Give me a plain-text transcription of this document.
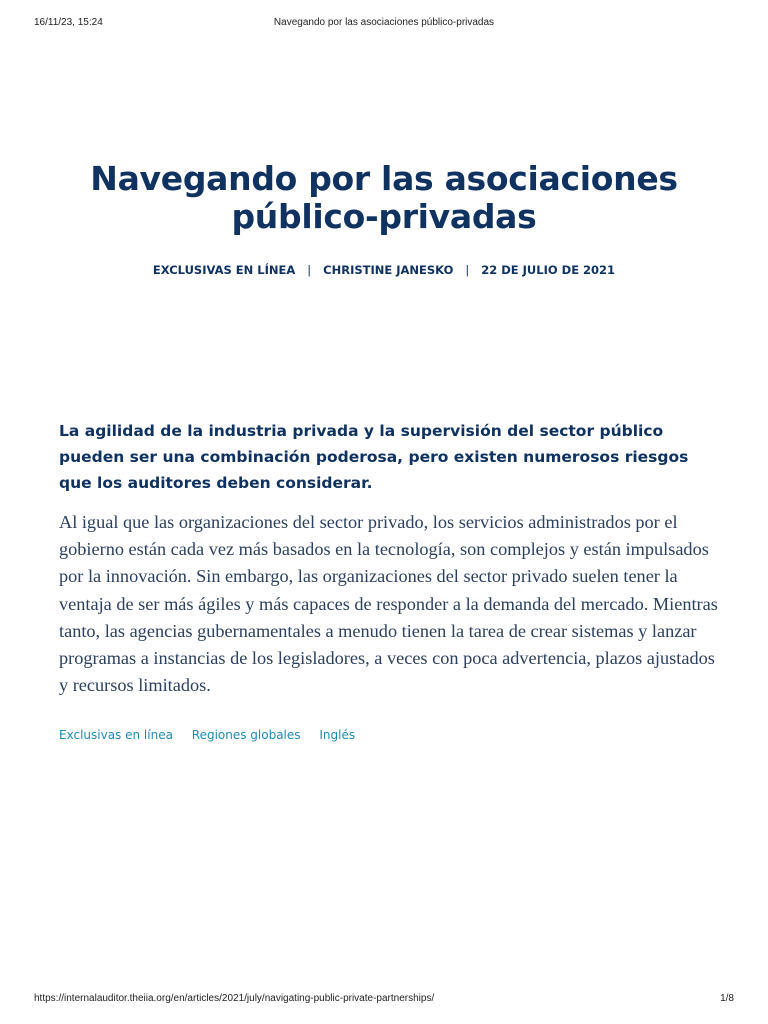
16/11/23, 15:24	Navegando por las asociaciones público-privadas
Navegando por las asociaciones público-privadas
EXCLUSIVAS EN LÍNEA | CHRISTINE JANESKO | 22 DE JULIO DE 2021

La agilidad de la industria privada y la supervisión del sector público pueden ser una combinación poderosa, pero existen numerosos riesgos que los auditores deben considerar.

Al igual que las organizaciones del sector privado, los servicios administrados por el gobierno están cada vez más basados en la tecnología, son complejos y están impulsados por la innovación. Sin embargo, las organizaciones del sector privado suelen tener la ventaja de ser más ágiles y más capaces de responder a la demanda del mercado. Mientras tanto, las agencias gubernamentales a menudo tienen la tarea de crear sistemas y lanzar programas a instancias de los legisladores, a veces con poca advertencia, plazos ajustados y recursos limitados.

Exclusivas en línea Regiones globales Inglés
https://internalauditor.theiia.org/en/articles/2021/july/navigating-public-private-partnerships/	1/8
